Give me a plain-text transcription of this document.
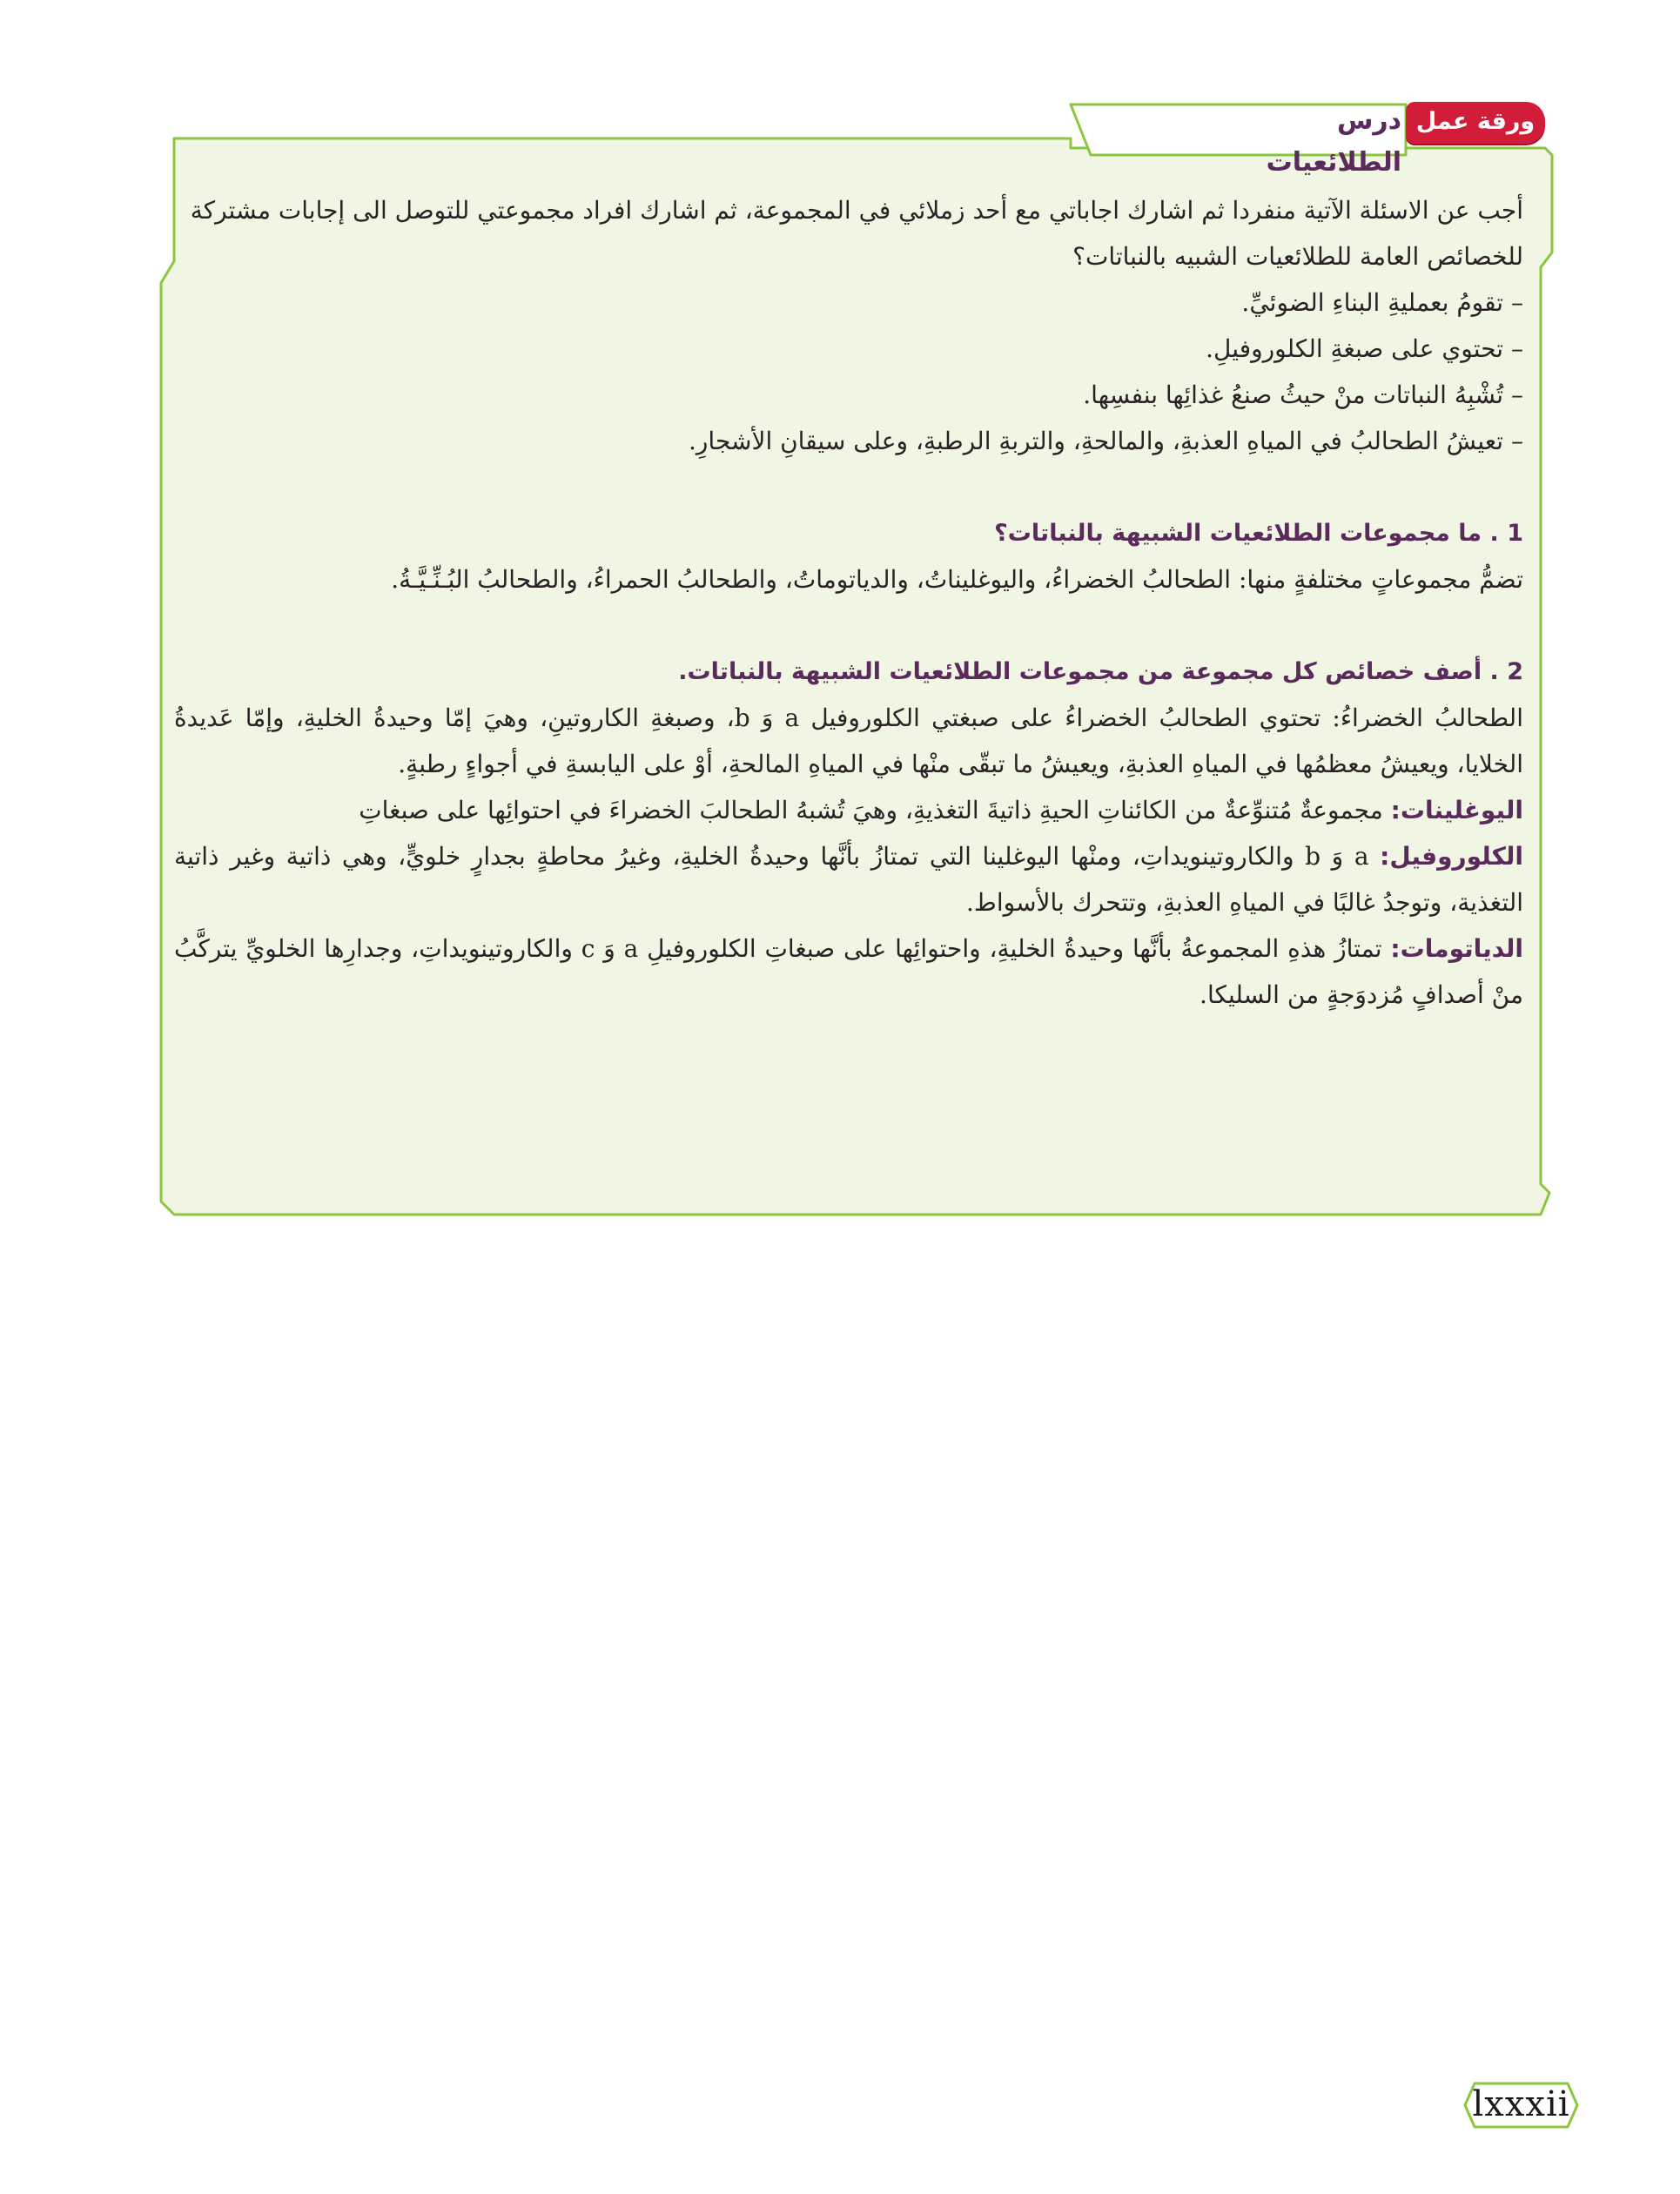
درس الطلائعيات
ورقة عمل

أجب عن الاسئلة الآتية منفردا ثم اشارك اجاباتي مع أحد زملائي في المجموعة، ثم اشارك افراد مجموعتي للتوصل الى إجابات مشتركة

للخصائص العامة للطلائعيات الشبيه بالنباتات؟

– تقومُ بعمليةِ البناءِ الضوئيِّ.

– تحتوي على صبغةِ الكلوروفيلِ.

– تُشْبِهُ النباتات منْ حيثُ صنعُ غذائِها بنفسِها.

– تعيشُ الطحالبُ في المياهِ العذبةِ، والمالحةِ، والتربةِ الرطبةِ، وعلى سيقانِ الأشجارِ.

1 . ما مجموعات الطلائعيات الشبيهة بالنباتات؟

تضمُّ مجموعاتٍ مختلفةٍ منها: الطحالبُ الخضراءُ، واليوغليناتُ، والدياتوماتُ، والطحالبُ الحمراءُ، والطحالبُ البُـنِّـيَّـةُ.

2 . أصف خصائص كل مجموعة من مجموعات الطلائعيات الشبيهة بالنباتات.

الطحالبُ الخضراءُ: تحتوي الطحالبُ الخضراءُ على صبغتي الكلوروفيل a وَ b، وصبغةِ الكاروتينِ، وهيَ إمّا وحيدةُ الخليةِ، وإمّا عَديدةُ الخلايا، ويعيشُ معظمُها في المياهِ العذبةِ، ويعيشُ ما تبقّى منْها في المياهِ المالحةِ، أوْ على اليابسةِ في أجواءٍ رطبةٍ.

اليوغلينات: مجموعةٌ مُتنوِّعةٌ من الكائناتِ الحيةِ ذاتيةَ التغذيةِ، وهيَ تُشبهُ الطحالبَ الخضراءَ في احتوائِها على صبغاتِ

الكلوروفيل: a وَ b والكاروتينويداتِ، ومنْها اليوغلينا التي تمتازُ بأنَّها وحيدةُ الخليةِ، وغيرُ محاطةٍ بجدارٍ خلويٍّ، وهي ذاتية وغير ذاتية التغذية، وتوجدُ غالبًا في المياهِ العذبةِ، وتتحرك بالأسواط.

الدياتومات: تمتازُ هذهِ المجموعةُ بأنَّها وحيدةُ الخليةِ، واحتوائِها على صبغاتِ الكلوروفيلِ a وَ c والكاروتينويداتِ، وجدارِها الخلويِّ يتركَّبُ منْ أصدافٍ مُزدوَجةٍ من السليكا.

lxxxii
